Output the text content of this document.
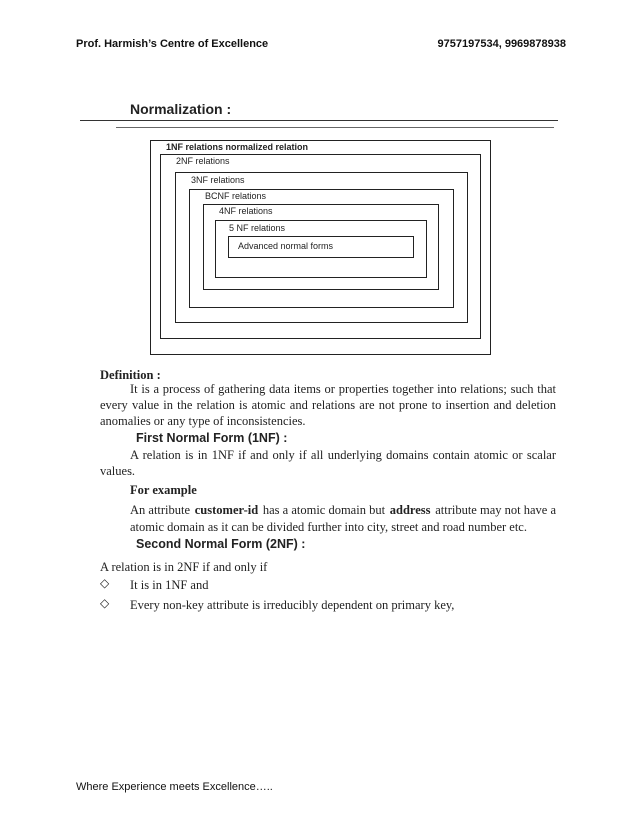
Prof. Harmish’s Centre of Excellence	9757197534, 9969878938
Normalization :
1NF relations normalized relation
2NF relations
3NF relations
BCNF relations
4NF relations
5 NF relations
Advanced normal forms
Definition :
It is a process of gathering data items or properties together into relations; such that
every value in the relation is atomic and relations are not prone to insertion and deletion
anomalies or any type of inconsistencies.
First Normal Form (1NF) :
A relation is in 1NF if and only if all underlying domains contain atomic or scalar
values.
For example
An attribute customer-id has a atomic domain but address attribute may not have a
atomic domain as it can be divided further into city, street and road number etc.
Second Normal Form (2NF) :
A relation is in 2NF if and only if
◇ It is in 1NF and
◇ Every non-key attribute is irreducibly dependent on primary key,
Where Experience meets Excellence…..
